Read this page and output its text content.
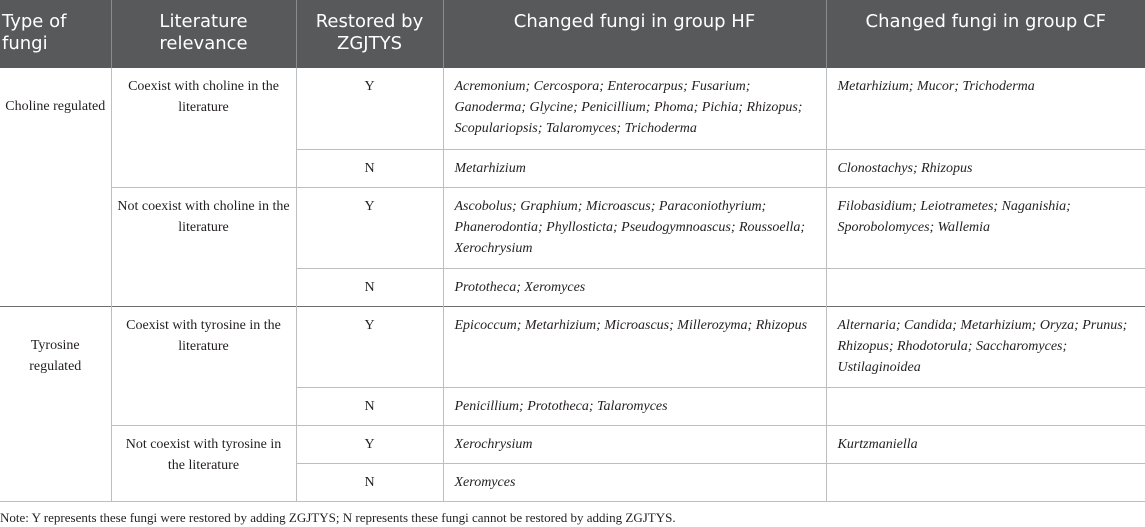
Type of fungi	Literature relevance	Restored by ZGJTYS	Changed fungi in group HF	Changed fungi in group CF
Choline regulated	Coexist with choline in the literature	Y	Acremonium; Cercospora; Enterocarpus; Fusarium; Ganoderma; Glycine; Penicillium; Phoma; Pichia; Rhizopus; Scopulariopsis; Talaromyces; Trichoderma	Metarhizium; Mucor; Trichoderma
		N	Metarhizium	Clonostachys; Rhizopus
	Not coexist with choline in the literature	Y	Ascobolus; Graphium; Microascus; Paraconiothyrium; Phanerodontia; Phyllosticta; Pseudogymnoascus; Roussoella; Xerochrysium	Filobasidium; Leiotrametes; Naganishia; Sporobolomyces; Wallemia
		N	Prototheca; Xeromyces	
Tyrosine regulated	Coexist with tyrosine in the literature	Y	Epicoccum; Metarhizium; Microascus; Millerozyma; Rhizopus	Alternaria; Candida; Metarhizium; Oryza; Prunus; Rhizopus; Rhodotorula; Saccharomyces; Ustilaginoidea
		N	Penicillium; Prototheca; Talaromyces	
	Not coexist with tyrosine in the literature	Y	Xerochrysium	Kurtzmaniella
		N	Xeromyces	
Note: Y represents these fungi were restored by adding ZGJTYS; N represents these fungi cannot be restored by adding ZGJTYS.
